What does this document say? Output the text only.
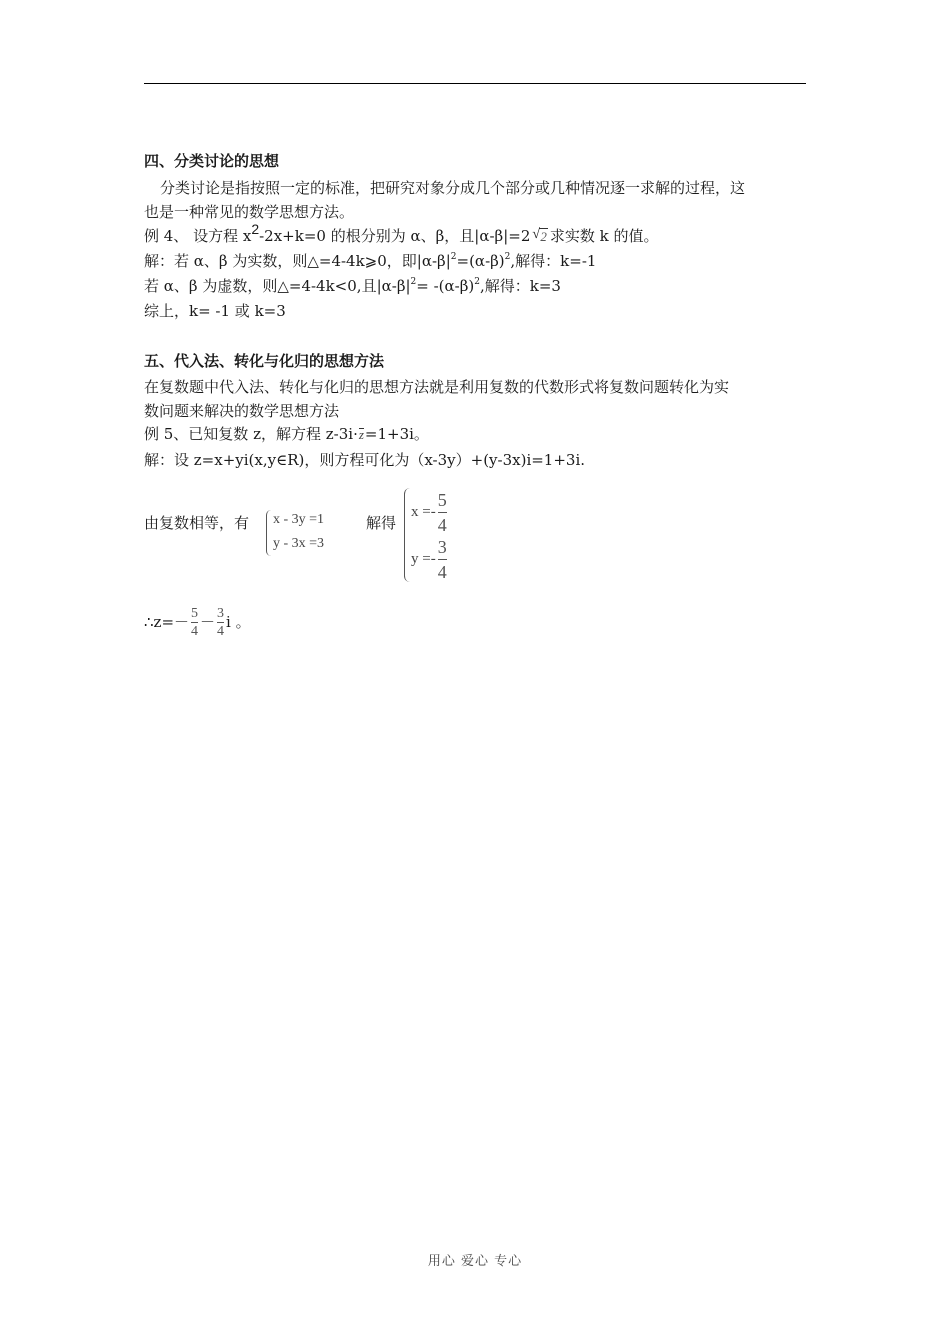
四、分类讨论的思想
分类讨论是指按照一定的标准，把研究对象分成几个部分或几种情况逐一求解的过程，这
也是一种常见的数学思想方法。
例 4、 设方程 $x^2-2x+k=0$ 的根分别为 α、β，且|α-β|=2 √ 2 求实数 k 的值。
解：若 α、β 为实数，则△=4-4k⩾0，即$|\alpha-\beta|^2=(\alpha-\beta)^2$,解得：k=-1
若 α、β 为虚数，则△=4-4k<0,且$|\alpha-\beta|^2= -(\alpha-\beta)^2$,解得：k=3
综上，k= -1 或 k=3
五、代入法、转化与化归的思想方法
在复数题中代入法、转化与化归的思想方法就是利用复数的代数形式将复数问题转化为实
数问题来解决的数学思想方法
例 5、已知复数 z，解方程 z-3i·z=1+3i。
解：设 z=x+yi(x,y∈R)，则方程可化为（x-3y）+(y-3x)i=1+3i.
由复数相等，有 x - 3y =1
y - 3x =3
解得
$x =- \frac{5}{4}$
$y =- \frac{3}{4}$
∴z=－ $\frac{5}{4} - \frac{3}{4}$ i 。
用心 爱心 专心
